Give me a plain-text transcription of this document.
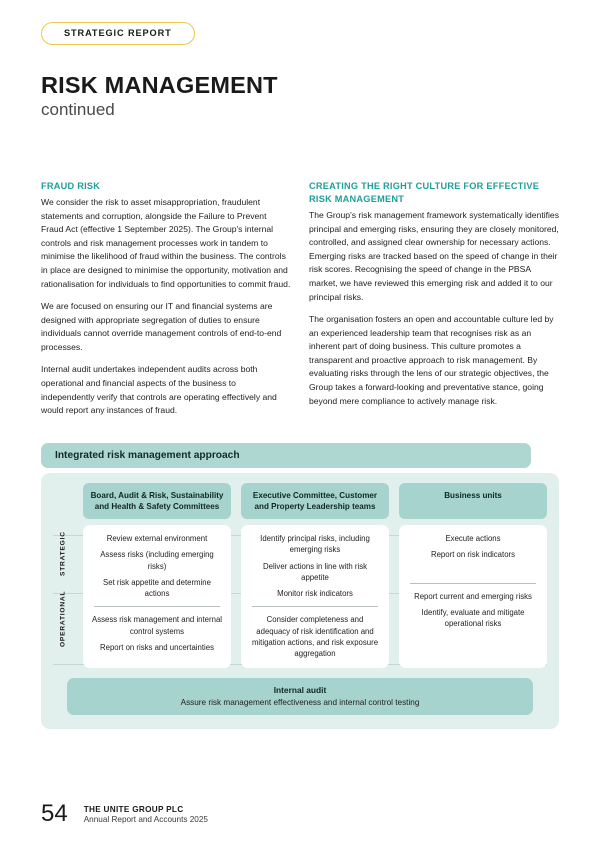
STRATEGIC REPORT
RISK MANAGEMENT
continued
FRAUD RISK

We consider the risk to asset misappropriation, fraudulent statements and corruption, alongside the Failure to Prevent Fraud Act (effective 1 September 2025). The Group's internal controls and risk management processes work in tandem to minimise the likelihood of fraud within the business. The controls in place are designed to minimise the opportunity, motivation and rationalisation for individuals to find opportunities to commit fraud.

We are focused on ensuring our IT and financial systems are designed with appropriate segregation of duties to ensure individuals cannot override management controls of end-to-end processes.

Internal audit undertakes independent audits across both operational and financial aspects of the business to independently verify that controls are operating effectively and would report any instances of fraud.

CREATING THE RIGHT CULTURE FOR EFFECTIVE RISK MANAGEMENT

The Group's risk management framework systematically identifies principal and emerging risks, ensuring they are closely monitored, controlled, and assigned clear ownership for necessary actions. Emerging risks are tracked based on the speed of change in their risk scores. Recognising the speed of change in the PBSA market, we have reviewed this emerging risk and added it to our principal risks.

The organisation fosters an open and accountable culture led by an experienced leadership team that recognises risk as an inherent part of doing business. This culture promotes a transparent and proactive approach to risk management. By evaluating risks through the lens of our strategic objectives, the Group takes a forward-looking and preventative stance, going beyond mere compliance to actively manage risk.

Integrated risk management approach
Board, Audit & Risk, Sustainability and Health & Safety Committees
Executive Committee, Customer and Property Leadership teams
Business units
STRATEGIC
OPERATIONAL

Review external environment

Assess risks (including emerging risks)

Set risk appetite and determine actions

Assess risk management and internal control systems

Report on risks and uncertainties

Identify principal risks, including emerging risks

Deliver actions in line with risk appetite

Monitor risk indicators

Consider completeness and adequacy of risk identification and mitigation actions, and risk exposure aggregation

Execute actions

Report on risk indicators

Report current and emerging risks

Identify, evaluate and mitigate operational risks

Internal audit

Assure risk management effectiveness and internal control testing

54 THE UNITE GROUP PLC

Annual Report and Accounts 2025
